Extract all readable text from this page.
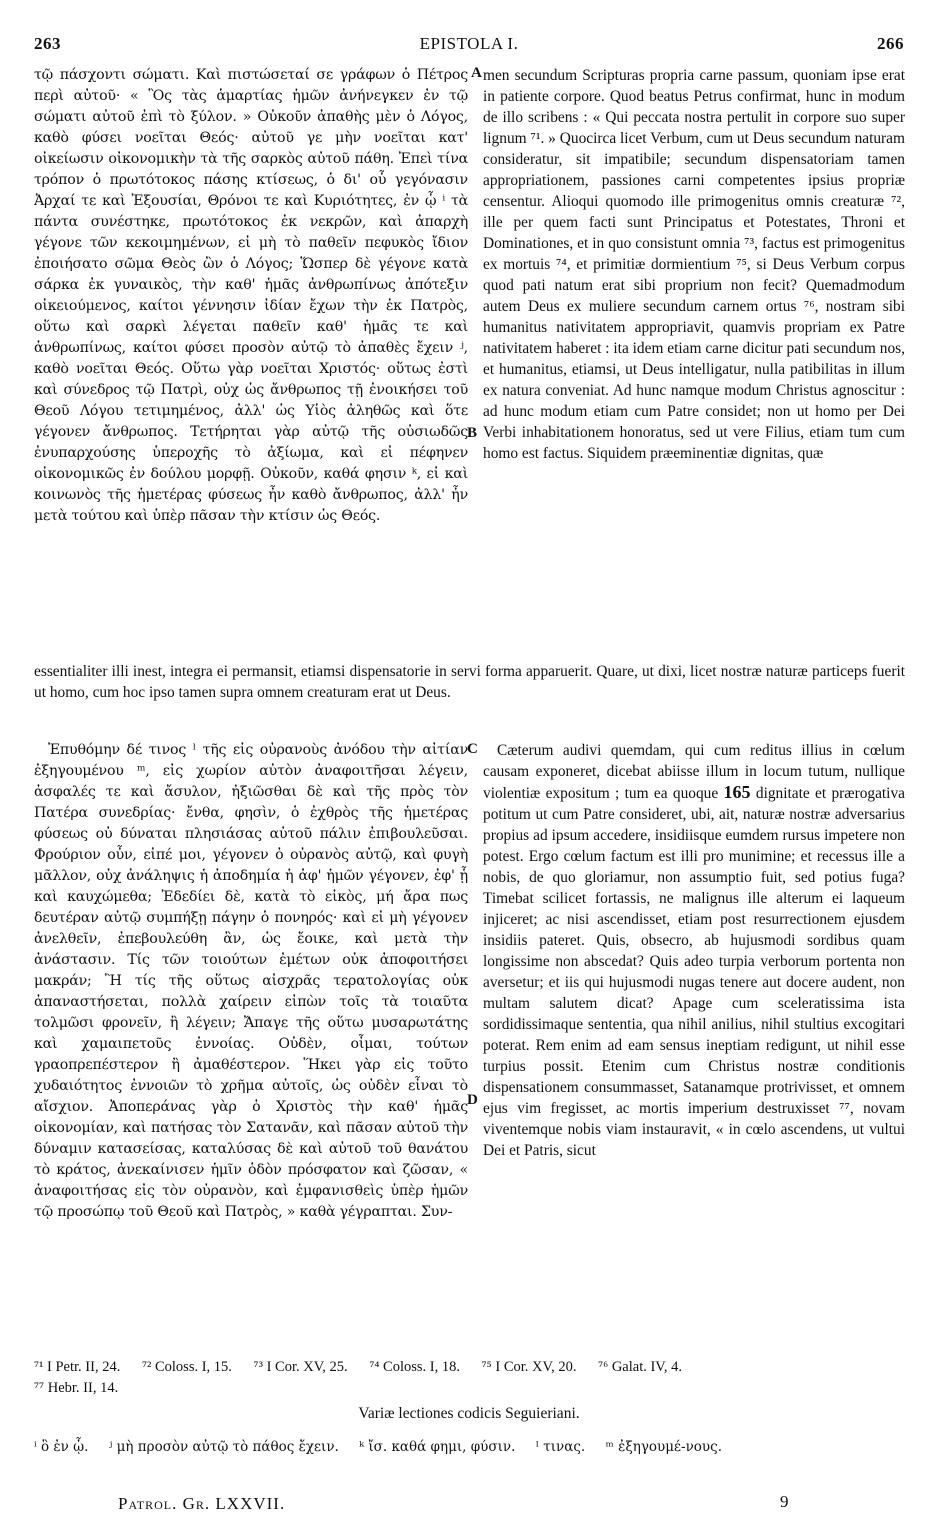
263	EPISTOLA I.	266

τῷ πάσχοντι σώματι. Καὶ πιστώσεταί σε γράφων ὁ Πέτρος περὶ αὐτοῦ· « Ὃς τὰς ἁμαρτίας ἡμῶν ἀνήνεγκεν ἐν τῷ σώματι αὐτοῦ ἐπὶ τὸ ξύλον. » Οὐκοῦν ἀπαθὴς μὲν ὁ Λόγος, καθὸ φύσει νοεῖται Θεός· αὐτοῦ γε μὴν νοεῖται κατ' οἰκείωσιν οἰκονομικὴν τὰ τῆς σαρκὸς αὐτοῦ πάθη. Ἐπεὶ τίνα τρόπον ὁ πρωτότοκος πάσης κτίσεως, ὁ δι' οὗ γεγόνασιν Ἀρχαί τε καὶ Ἐξουσίαι, Θρόνοι τε καὶ Κυριότητες, ἐν ᾧ ⁱ τὰ πάντα συνέστηκε, πρωτότοκος ἐκ νεκρῶν, καὶ ἀπαρχὴ γέγονε τῶν κεκοιμημένων, εἰ μὴ τὸ παθεῖν πεφυκὸς ἴδιον ἐποιήσατο σῶμα Θεὸς ὢν ὁ Λόγος; Ὥσπερ δὲ γέγονε κατὰ σάρκα ἐκ γυναικὸς, τὴν καθ' ἡμᾶς ἀνθρωπίνως ἀπότεξιν οἰκειούμενος, καίτοι γέννησιν ἰδίαν ἔχων τὴν ἐκ Πατρὸς, οὕτω καὶ σαρκὶ λέγεται παθεῖν καθ' ἡμᾶς τε καὶ ἀνθρωπίνως, καίτοι φύσει προσὸν αὐτῷ τὸ ἀπαθὲς ἔχειν ʲ, καθὸ νοεῖται Θεός. Οὕτω γὰρ νοεῖται Χριστός· οὕτως ἐστὶ καὶ σύνεδρος τῷ Πατρὶ, οὐχ ὡς ἄνθρωπος τῇ ἐνοικήσει τοῦ Θεοῦ Λόγου τετιμημένος, ἀλλ' ὡς Υἱὸς ἀληθῶς καὶ ὅτε γέγονεν ἄνθρωπος. Τετήρηται γὰρ αὐτῷ τῆς οὐσιωδῶς ἐνυπαρχούσης ὑπεροχῆς τὸ ἀξίωμα, καὶ εἰ πέφηνεν οἰκονομικῶς ἐν δούλου μορφῇ. Οὐκοῦν, καθά φησιν ᵏ, εἰ καὶ κοινωνὸς τῆς ἡμετέρας φύσεως ἦν καθὸ ἄνθρωπος, ἀλλ' ἦν μετὰ τούτου καὶ ὑπὲρ πᾶσαν τὴν κτίσιν ὡς Θεός.

A
B

men secundum Scripturas propria carne passum, quoniam ipse erat in patiente corpore. Quod beatus Petrus confirmat, hunc in modum de illo scribens : « Qui peccata nostra pertulit in corpore suo super lignum ⁷¹. » Quocirca licet Verbum, cum ut Deus secundum naturam consideratur, sit impatibile; secundum dispensatoriam tamen appropriationem, passiones carni competentes ipsius propriæ censentur. Alioqui quomodo ille primogenitus omnis creaturæ ⁷², ille per quem facti sunt Principatus et Potestates, Throni et Dominationes, et in quo consistunt omnia ⁷³, factus est primogenitus ex mortuis ⁷⁴, et primitiæ dormientium ⁷⁵, si Deus Verbum corpus quod pati natum erat sibi proprium non fecit? Quemadmodum autem Deus ex muliere secundum carnem ortus ⁷⁶, nostram sibi humanitus nativitatem appropriavit, quamvis propriam ex Patre nativitatem haberet : ita idem etiam carne dicitur pati secundum nos, et humanitus, etiamsi, ut Deus intelligatur, nulla patibilitas in illum ex natura conveniat. Ad hunc namque modum Christus agnoscitur : ad hunc modum etiam cum Patre considet; non ut homo per Dei Verbi inhabitationem honoratus, sed ut vere Filius, etiam tum cum homo est factus. Siquidem præeminentiæ dignitas, quæ

essentialiter illi inest, integra ei permansit, etiamsi dispensatorie in servi forma apparuerit. Quare, ut dixi, licet nostræ naturæ particeps fuerit ut homo, cum hoc ipso tamen supra omnem creaturam erat ut Deus.

Ἐπυθόμην δέ τινος ˡ τῆς εἰς οὐρανοὺς ἀνόδου τὴν αἰτίαν ἐξηγουμένου ᵐ, εἰς χωρίον αὐτὸν ἀναφοιτῆσαι λέγειν, ἀσφαλές τε καὶ ἄσυλον, ἠξιῶσθαι δὲ καὶ τῆς πρὸς τὸν Πατέρα συνεδρίας· ἔνθα, φησὶν, ὁ ἐχθρὸς τῆς ἡμετέρας φύσεως οὐ δύναται πλησιάσας αὐτοῦ πάλιν ἐπιβουλεῦσαι. Φρούριον οὖν, εἰπέ μοι, γέγονεν ὁ οὐρανὸς αὐτῷ, καὶ φυγὴ μᾶλλον, οὐχ ἀνάληψις ἡ ἀποδημία ἡ ἀφ' ἡμῶν γέγονεν, ἐφ' ᾗ καὶ καυχώμεθα; Ἐδεδίει δὲ, κατὰ τὸ εἰκὸς, μή ἄρα πως δευτέραν αὐτῷ συμπήξῃ πάγην ὁ πονηρός· καὶ εἰ μὴ γέγονεν ἀνελθεῖν, ἐπεβουλεύθη ἂν, ὡς ἔοικε, καὶ μετὰ τὴν ἀνάστασιν. Τίς τῶν τοιούτων ἐμέτων οὐκ ἀποφοιτήσει μακράν; Ἢ τίς τῆς οὕτως αἰσχρᾶς τερατολογίας οὐκ ἀπαναστήσεται, πολλὰ χαίρειν εἰπὼν τοῖς τὰ τοιαῦτα τολμῶσι φρονεῖν, ἢ λέγειν; Ἄπαγε τῆς οὕτω μυσαρωτάτης καὶ χαμαιπετοῦς ἐννοίας. Οὐδὲν, οἶμαι, τούτων γραοπρεπέστερον ἢ ἀμαθέστερον. Ἥκει γὰρ εἰς τοῦτο χυδαιότητος ἐννοιῶν τὸ χρῆμα αὐτοῖς, ὡς οὐδὲν εἶναι τὸ αἴσχιον. Ἀποπεράνας γὰρ ὁ Χριστὸς τὴν καθ' ἡμᾶς οἰκονομίαν, καὶ πατήσας τὸν Σατανᾶν, καὶ πᾶσαν αὐτοῦ τὴν δύναμιν κατασείσας, καταλύσας δὲ καὶ αὐτοῦ τοῦ θανάτου τὸ κράτος, ἀνεκαίνισεν ἡμῖν ὁδὸν πρόσφατον καὶ ζῶσαν, « ἀναφοιτήσας εἰς τὸν οὐρανὸν, καὶ ἐμφανισθεὶς ὑπὲρ ἡμῶν τῷ προσώπῳ τοῦ Θεοῦ καὶ Πατρὸς, » καθὰ γέγραπται. Συν-

C
D

Cæterum audivi quemdam, qui cum reditus illius in cœlum causam exponeret, dicebat abiisse illum in locum tutum, nullique violentiæ expositum ; tum ea quoque 165 dignitate et prærogativa potitum ut cum Patre consideret, ubi, ait, naturæ nostræ adversarius propius ad ipsum accedere, insidiisque eumdem rursus impetere non potest. Ergo cœlum factum est illi pro munimine; et recessus ille a nobis, de quo gloriamur, non assumptio fuit, sed potius fuga? Timebat scilicet fortassis, ne malignus ille alterum ei laqueum injiceret; ac nisi ascendisset, etiam post resurrectionem ejusdem insidiis pateret. Quis, obsecro, ab hujusmodi sordibus quam longissime non abscedat? Quis adeo turpia verborum portenta non aversetur; et iis qui hujusmodi nugas tenere aut docere audent, non multam salutem dicat? Apage cum sceleratissima ista sordidissimaque sententia, qua nihil anilius, nihil stultius excogitari poterat. Rem enim ad eam sensus ineptiam redigunt, ut nihil esse turpius possit. Etenim cum Christus nostræ conditionis dispensationem consummasset, Satanamque protrivisset, et omnem ejus vim fregisset, ac mortis imperium destruxisset ⁷⁷, novam viventemque nobis viam instauravit, « in cœlo ascendens, ut vultui Dei et Patris, sicut

⁷¹ I Petr. II, 24. ⁷² Coloss. I, 15. ⁷³ I Cor. XV, 25. ⁷⁴ Coloss. I, 18. ⁷⁵ I Cor. XV, 20. ⁷⁶ Galat. IV, 4.
⁷⁷ Hebr. II, 14.
Variæ lectiones codicis Seguieriani.
ⁱ ὃ ἐν ᾧ. ʲ μὴ προσὸν αὐτῷ τὸ πάθος ἔχειν. ᵏ ἴσ. καθά φημι, φύσιν. ˡ τινας. ᵐ ἐξηγουμέ-νους.
Patrol. Gr. LXXVII.	9
